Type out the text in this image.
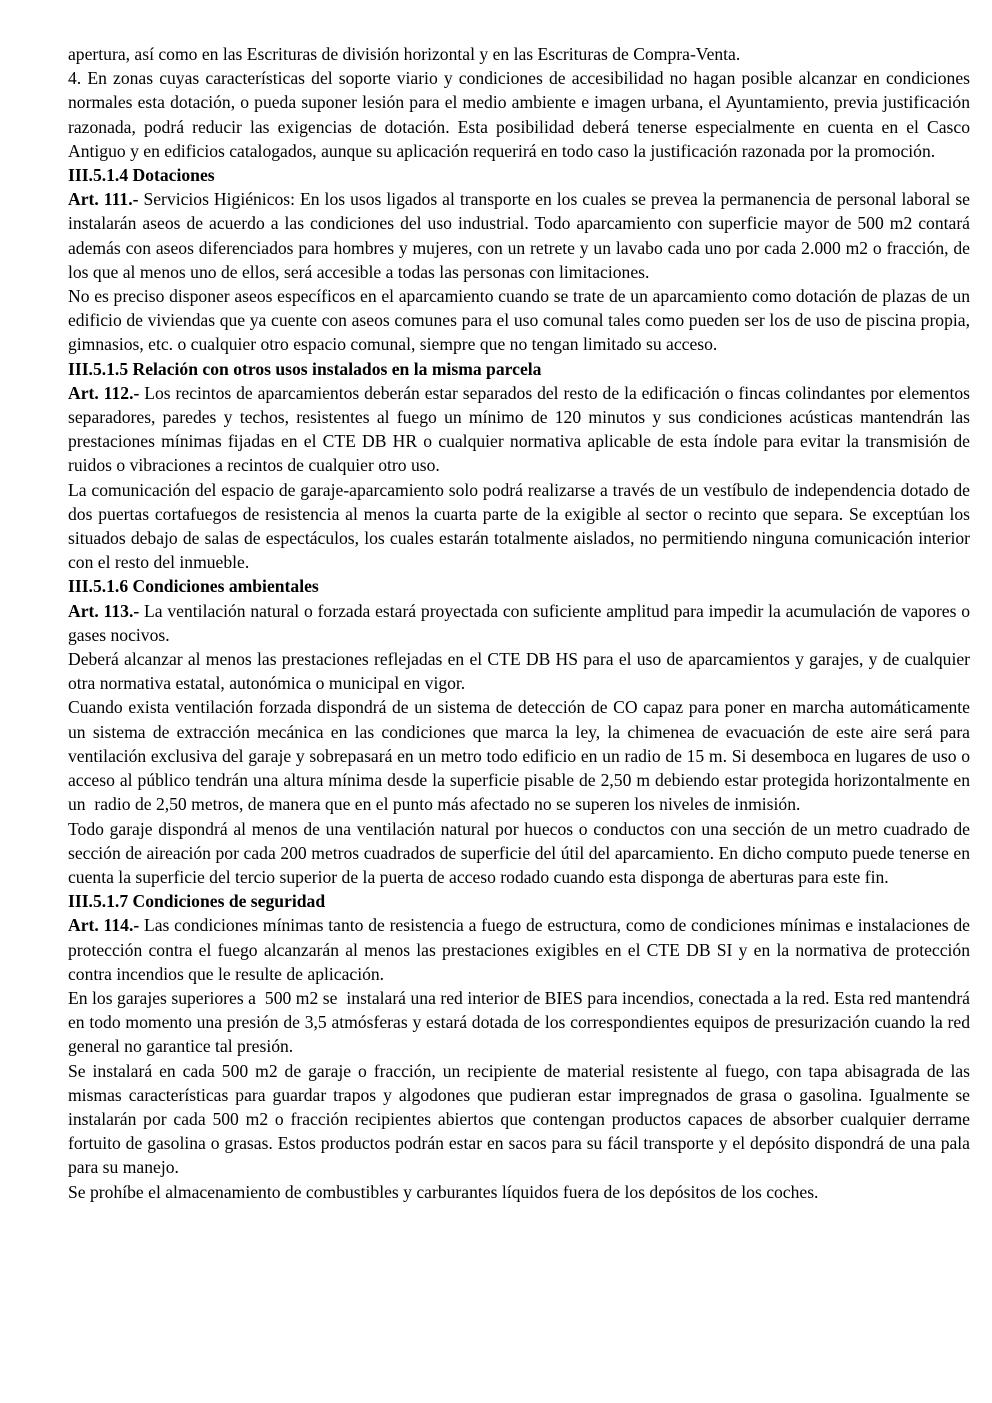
apertura, así como en las Escrituras de división horizontal y en las Escrituras de Compra-Venta.

4. En zonas cuyas características del soporte viario y condiciones de accesibilidad no hagan posible alcanzar en condiciones normales esta dotación, o pueda suponer lesión para el medio ambiente e imagen urbana, el Ayuntamiento, previa justificación razonada, podrá reducir las exigencias de dotación. Esta posibilidad deberá tenerse especialmente en cuenta en el Casco Antiguo y en edificios catalogados, aunque su aplicación requerirá en todo caso la justificación razonada por la promoción.

III.5.1.4 Dotaciones

Art. 111.- Servicios Higiénicos: En los usos ligados al transporte en los cuales se prevea la permanencia de personal laboral se instalarán aseos de acuerdo a las condiciones del uso industrial. Todo aparcamiento con superficie mayor de 500 m2 contará además con aseos diferenciados para hombres y mujeres, con un retrete y un lavabo cada uno por cada 2.000 m2 o fracción, de los que al menos uno de ellos, será accesible a todas las personas con limitaciones.

No es preciso disponer aseos específicos en el aparcamiento cuando se trate de un aparcamiento como dotación de plazas de un edificio de viviendas que ya cuente con aseos comunes para el uso comunal tales como pueden ser los de uso de piscina propia, gimnasios, etc. o cualquier otro espacio comunal, siempre que no tengan limitado su acceso.

III.5.1.5 Relación con otros usos instalados en la misma parcela

Art. 112.- Los recintos de aparcamientos deberán estar separados del resto de la edificación o fincas colindantes por elementos separadores, paredes y techos, resistentes al fuego un mínimo de 120 minutos y sus condiciones acústicas mantendrán las prestaciones mínimas fijadas en el CTE DB HR o cualquier normativa aplicable de esta índole para evitar la transmisión de ruidos o vibraciones a recintos de cualquier otro uso.

La comunicación del espacio de garaje-aparcamiento solo podrá realizarse a través de un vestíbulo de independencia dotado de dos puertas cortafuegos de resistencia al menos la cuarta parte de la exigible al sector o recinto que separa. Se exceptúan los situados debajo de salas de espectáculos, los cuales estarán totalmente aislados, no permitiendo ninguna comunicación interior con el resto del inmueble.

III.5.1.6 Condiciones ambientales

Art. 113.- La ventilación natural o forzada estará proyectada con suficiente amplitud para impedir la acumulación de vapores o gases nocivos.

Deberá alcanzar al menos las prestaciones reflejadas en el CTE DB HS para el uso de aparcamientos y garajes, y de cualquier otra normativa estatal, autonómica o municipal en vigor.

Cuando exista ventilación forzada dispondrá de un sistema de detección de CO capaz para poner en marcha automáticamente un sistema de extracción mecánica en las condiciones que marca la ley, la chimenea de evacuación de este aire será para ventilación exclusiva del garaje y sobrepasará en un metro todo edificio en un radio de 15 m. Si desemboca en lugares de uso o acceso al público tendrán una altura mínima desde la superficie pisable de 2,50 m debiendo estar protegida horizontalmente en un  radio de 2,50 metros, de manera que en el punto más afectado no se superen los niveles de inmisión.

Todo garaje dispondrá al menos de una ventilación natural por huecos o conductos con una sección de un metro cuadrado de sección de aireación por cada 200 metros cuadrados de superficie del útil del aparcamiento. En dicho computo puede tenerse en cuenta la superficie del tercio superior de la puerta de acceso rodado cuando esta disponga de aberturas para este fin.

III.5.1.7 Condiciones de seguridad

Art. 114.- Las condiciones mínimas tanto de resistencia a fuego de estructura, como de condiciones mínimas e instalaciones de protección contra el fuego alcanzarán al menos las prestaciones exigibles en el CTE DB SI y en la normativa de protección contra incendios que le resulte de aplicación.

En los garajes superiores a  500 m2 se  instalará una red interior de BIES para incendios, conectada a la red. Esta red mantendrá en todo momento una presión de 3,5 atmósferas y estará dotada de los correspondientes equipos de presurización cuando la red general no garantice tal presión.

Se instalará en cada 500 m2 de garaje o fracción, un recipiente de material resistente al fuego, con tapa abisagrada de las mismas características para guardar trapos y algodones que pudieran estar impregnados de grasa o gasolina. Igualmente se instalarán por cada 500 m2 o fracción recipientes abiertos que contengan productos capaces de absorber cualquier derrame fortuito de gasolina o grasas. Estos productos podrán estar en sacos para su fácil transporte y el depósito dispondrá de una pala para su manejo.

Se prohíbe el almacenamiento de combustibles y carburantes líquidos fuera de los depósitos de los coches.
